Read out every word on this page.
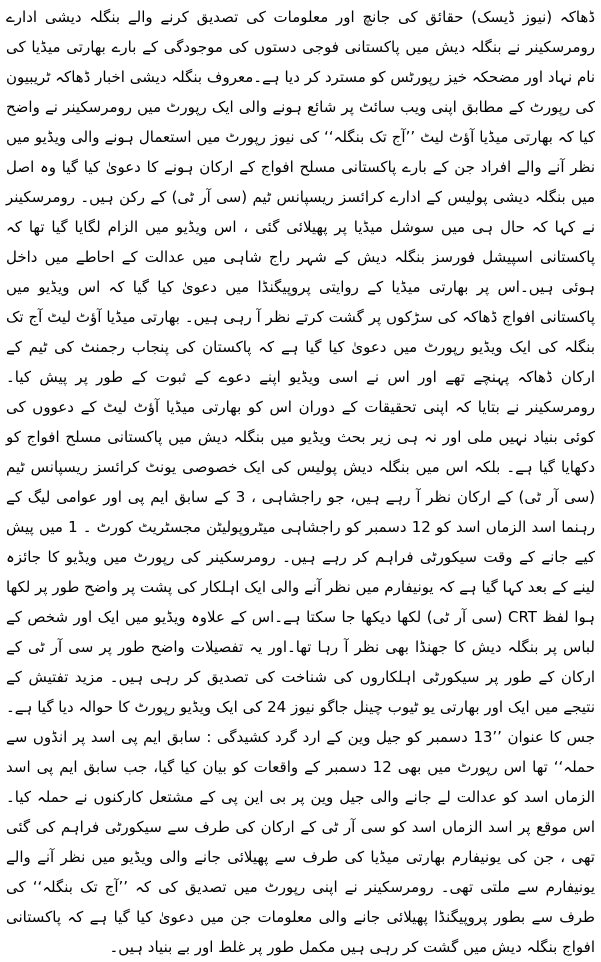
ڈھاکہ (نیوز ڈیسک) حقائق کی جانچ اور معلومات کی تصدیق کرنے والے بنگلہ دیشی ادارے رومرسکینر نے بنگلہ دیش میں پاکستانی فوجی دستوں کی موجودگی کے بارے بھارتی میڈیا کی نام نہاد اور مضحکہ خیز رپورٹس کو مسترد کر دیا ہے۔معروف بنگلہ دیشی اخبار ڈھاکہ ٹریبیون کی رپورٹ کے مطابق اپنی ویب سائٹ پر شائع ہونے والی ایک رپورٹ میں رومرسکینر نے واضح کیا کہ بھارتی میڈیا آؤٹ لیٹ ’’آج تک بنگلہ‘‘ کی نیوز رپورٹ میں استعمال ہونے والی ویڈیو میں نظر آنے والے افراد جن کے بارے پاکستانی مسلح افواج کے ارکان ہونے کا دعویٰ کیا گیا وہ اصل میں بنگلہ دیشی پولیس کے ادارے کرائسز ریسپانس ٹیم (سی آر ٹی) کے رکن ہیں۔ رومرسکینر نے کہا کہ حال ہی میں سوشل میڈیا پر پھیلائی گئی ، اس ویڈیو میں الزام لگایا گیا تھا کہ پاکستانی اسپیشل فورسز بنگلہ دیش کے شہر راج شاہی میں عدالت کے احاطے میں داخل ہوئی ہیں۔اس پر بھارتی میڈیا کے روایتی پروپیگنڈا میں دعویٰ کیا گیا کہ اس ویڈیو میں پاکستانی افواج ڈھاکہ کی سڑکوں پر گشت کرتے نظر آ رہی ہیں۔ بھارتی میڈیا آؤٹ لیٹ آج تک بنگلہ کی ایک ویڈیو رپورٹ میں دعویٰ کیا گیا ہے کہ پاکستان کی پنجاب رجمنٹ کی ٹیم کے ارکان ڈھاکہ پہنچے تھے اور اس نے اسی ویڈیو اپنے دعوے کے ثبوت کے طور پر پیش کیا۔ رومرسکینر نے بتایا کہ اپنی تحقیقات کے دوران اس کو بھارتی میڈیا آؤٹ لیٹ کے دعووں کی کوئی بنیاد نہیں ملی اور نہ ہی زیر بحث ویڈیو میں بنگلہ دیش میں پاکستانی مسلح افواج کو دکھایا گیا ہے۔ بلکہ اس میں بنگلہ دیش پولیس کی ایک خصوصی یونٹ کرائسز ریسپانس ٹیم (سی آر ٹی) کے ارکان نظر آ رہے ہیں، جو راجشاہی ، 3 کے سابق ایم پی اور عوامی لیگ کے رہنما اسد الزماں اسد کو 12 دسمبر کو راجشاہی میٹروپولیٹن مجسٹریٹ کورٹ ۔ 1 میں پیش کیے جانے کے وقت سیکورٹی فراہم کر رہے ہیں۔ رومرسکینر کی رپورٹ میں ویڈیو کا جائزہ لینے کے بعد کہا گیا ہے کہ یونیفارم میں نظر آنے والی ایک اہلکار کی پشت پر واضح طور پر لکھا ہوا لفظ CRT (سی آر ٹی) لکھا دیکھا جا سکتا ہے۔اس کے علاوہ ویڈیو میں ایک اور شخص کے لباس پر بنگلہ دیش کا جھنڈا بھی نظر آ رہا تھا۔اور یہ تفصیلات واضح طور پر سی آر ٹی کے ارکان کے طور پر سیکورٹی اہلکاروں کی شناخت کی تصدیق کر رہی ہیں۔ مزید تفتیش کے نتیجے میں ایک اور بھارتی یو ٹیوب چینل جاگو نیوز 24 کی ایک ویڈیو رپورٹ کا حوالہ دیا گیا ہے۔جس کا عنوان ’’13 دسمبر کو جیل وین کے ارد گرد کشیدگی : سابق ایم پی اسد پر انڈوں سے حملہ‘‘ تھا اس رپورٹ میں بھی 12 دسمبر کے واقعات کو بیان کیا گیا، جب سابق ایم پی اسد الزماں اسد کو عدالت لے جانے والی جیل وین پر بی این پی کے مشتعل کارکنوں نے حملہ کیا۔ اس موقع پر اسد الزماں اسد کو سی آر ٹی کے ارکان کی طرف سے سیکورٹی فراہم کی گئی تھی ، جن کی یونیفارم بھارتی میڈیا کی طرف سے پھیلائی جانے والی ویڈیو میں نظر آنے والے یونیفارم سے ملتی تھی۔ رومرسکینر نے اپنی رپورٹ میں تصدیق کی کہ ’’آج تک بنگلہ‘‘ کی طرف سے بطور پروپیگنڈا پھیلائی جانے والی معلومات جن میں دعویٰ کیا گیا ہے کہ پاکستانی افواج بنگلہ دیش میں گشت کر رہی ہیں مکمل طور پر غلط اور بے بنیاد ہیں۔
